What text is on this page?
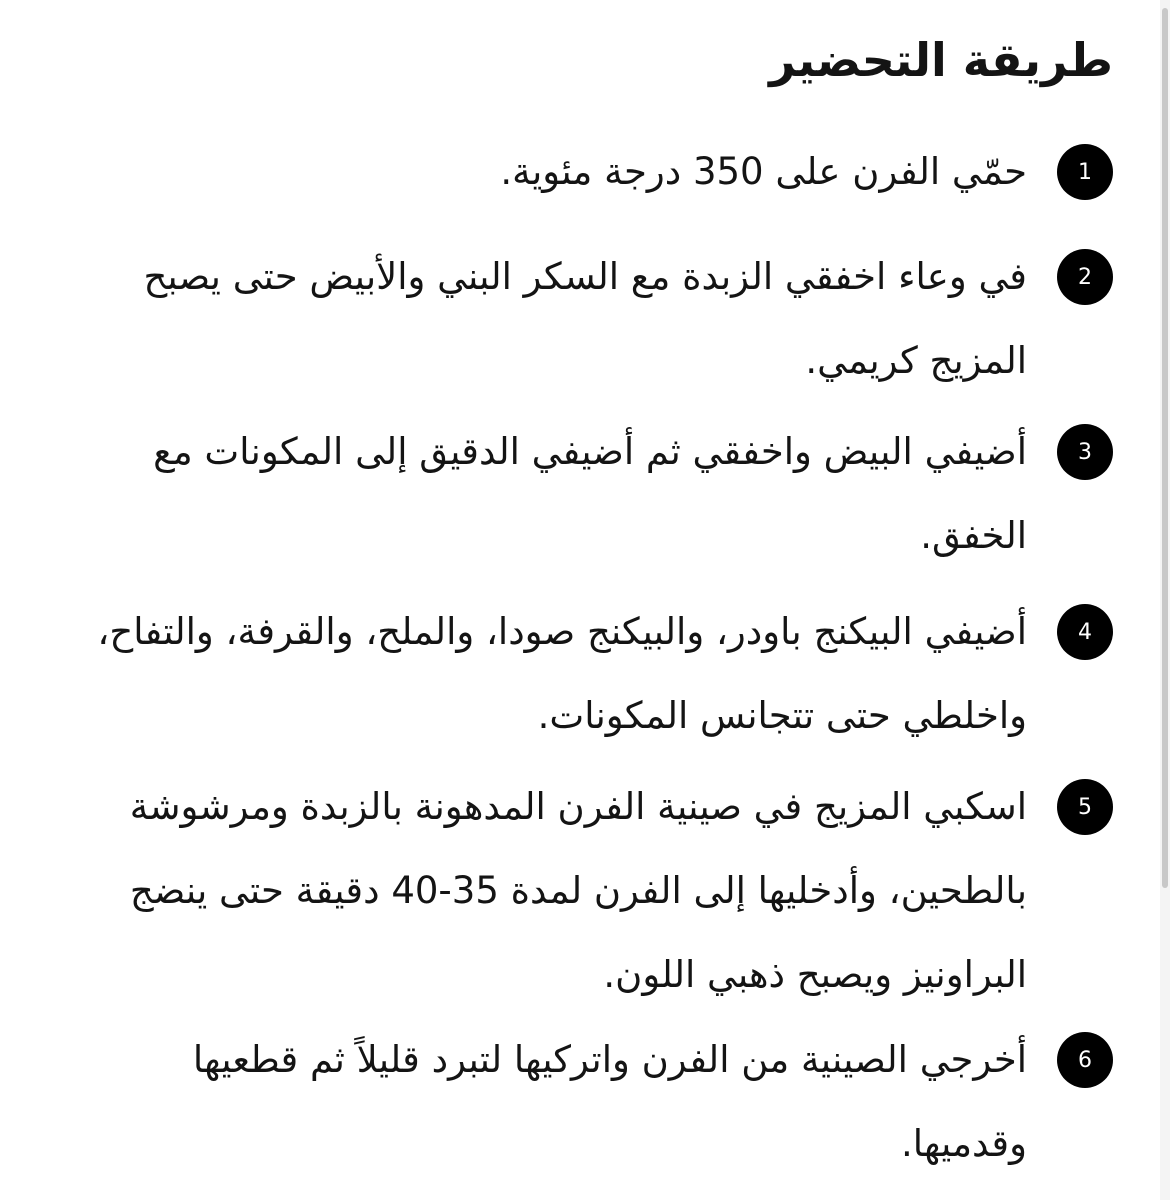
طريقة التحضير
1
حمّي الفرن على 350 درجة مئوية.
2
في وعاء اخفقي الزبدة مع السكر البني والأبيض حتى يصبح المزيج كريمي.
3
أضيفي البيض واخفقي ثم أضيفي الدقيق إلى المكونات مع الخفق.
4
أضيفي البيكنج باودر، والبيكنج صودا، والملح، والقرفة، والتفاح، واخلطي حتى تتجانس المكونات.
5
اسكبي المزيج في صينية الفرن المدهونة بالزبدة ومرشوشة بالطحين، وأدخليها إلى الفرن لمدة 35-40 دقيقة حتى ينضج البراونيز ويصبح ذهبي اللون.
6
أخرجي الصينية من الفرن واتركيها لتبرد قليلاً ثم قطعيها وقدميها.
